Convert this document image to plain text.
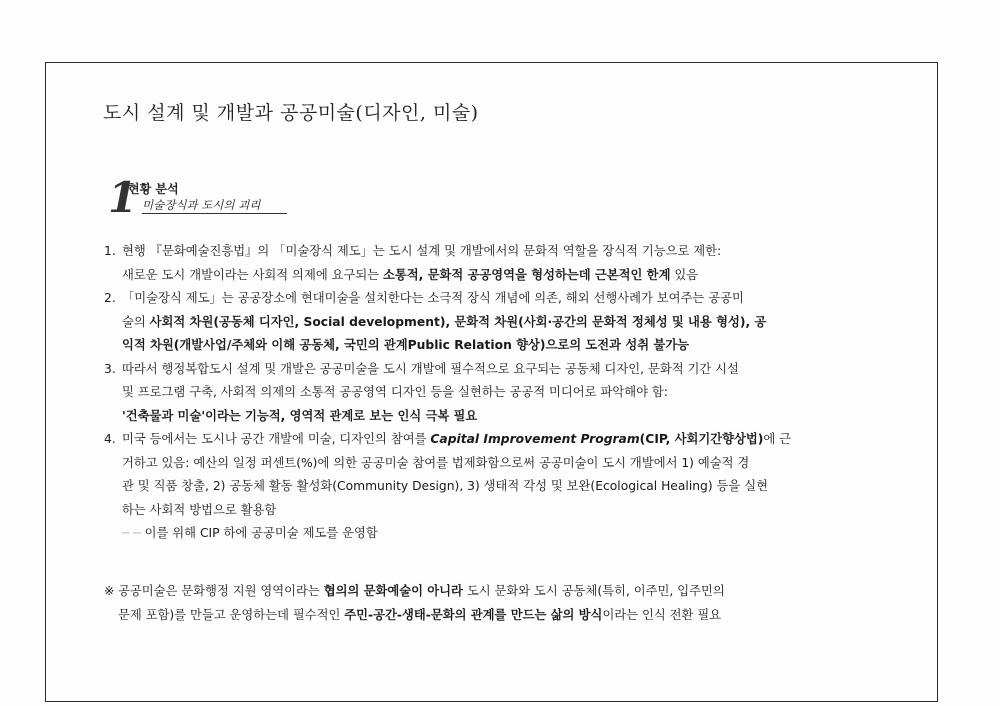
도시 설계 및 개발과 공공미술(디자인, 미술)
1
현황 분석
미술장식과 도시의 괴리
1. 현행 『문화예술진흥법』의 「미술장식 제도」는 도시 설계 및 개발에서의 문화적 역할을 장식적 기능으로 제한:
새로운 도시 개발이라는 사회적 의제에 요구되는 소통적, 문화적 공공영역을 형성하는데 근본적인 한계 있음
2. 「미술장식 제도」는 공공장소에 현대미술을 설치한다는 소극적 장식 개념에 의존, 해외 선행사례가 보여주는 공공미
술의 사회적 차원(공동체 디자인, Social development), 문화적 차원(사회·공간의 문화적 정체성 및 내용 형성), 공
익적 차원(개발사업/주체와 이해 공동체, 국민의 관계Public Relation 향상)으로의 도전과 성취 불가능
3. 따라서 행정복합도시 설계 및 개발은 공공미술을 도시 개발에 필수적으로 요구되는 공동체 디자인, 문화적 기간 시설
및 프로그램 구축, 사회적 의제의 소통적 공공영역 디자인 등을 실현하는 공공적 미디어로 파악해야 함:
'건축물과 미술'이라는 기능적, 영역적 관계로 보는 인식 극복 필요
4. 미국 등에서는 도시나 공간 개발에 미술, 디자인의 참여를 Capital Improvement Program(CIP, 사회기간향상법)에 근
거하고 있음: 예산의 일정 퍼센트(%)에 의한 공공미술 참여를 법제화함으로써 공공미술이 도시 개발에서 1) 예술적 경
관 및 직품 창출, 2) 공동체 활동 활성화(Community Design), 3) 생태적 각성 및 보완(Ecological Healing) 등을 실현
하는 사회적 방법으로 활용함
─ ─ 이를 위해 CIP 하에 공공미술 제도를 운영함
※ 공공미술은 문화행정 지원 영역이라는 협의의 문화예술이 아니라 도시 문화와 도시 공동체(특히, 이주민, 입주민의
문제 포함)를 만들고 운영하는데 필수적인 주민-공간-생태-문화의 관계를 만드는 삶의 방식이라는 인식 전환 필요
